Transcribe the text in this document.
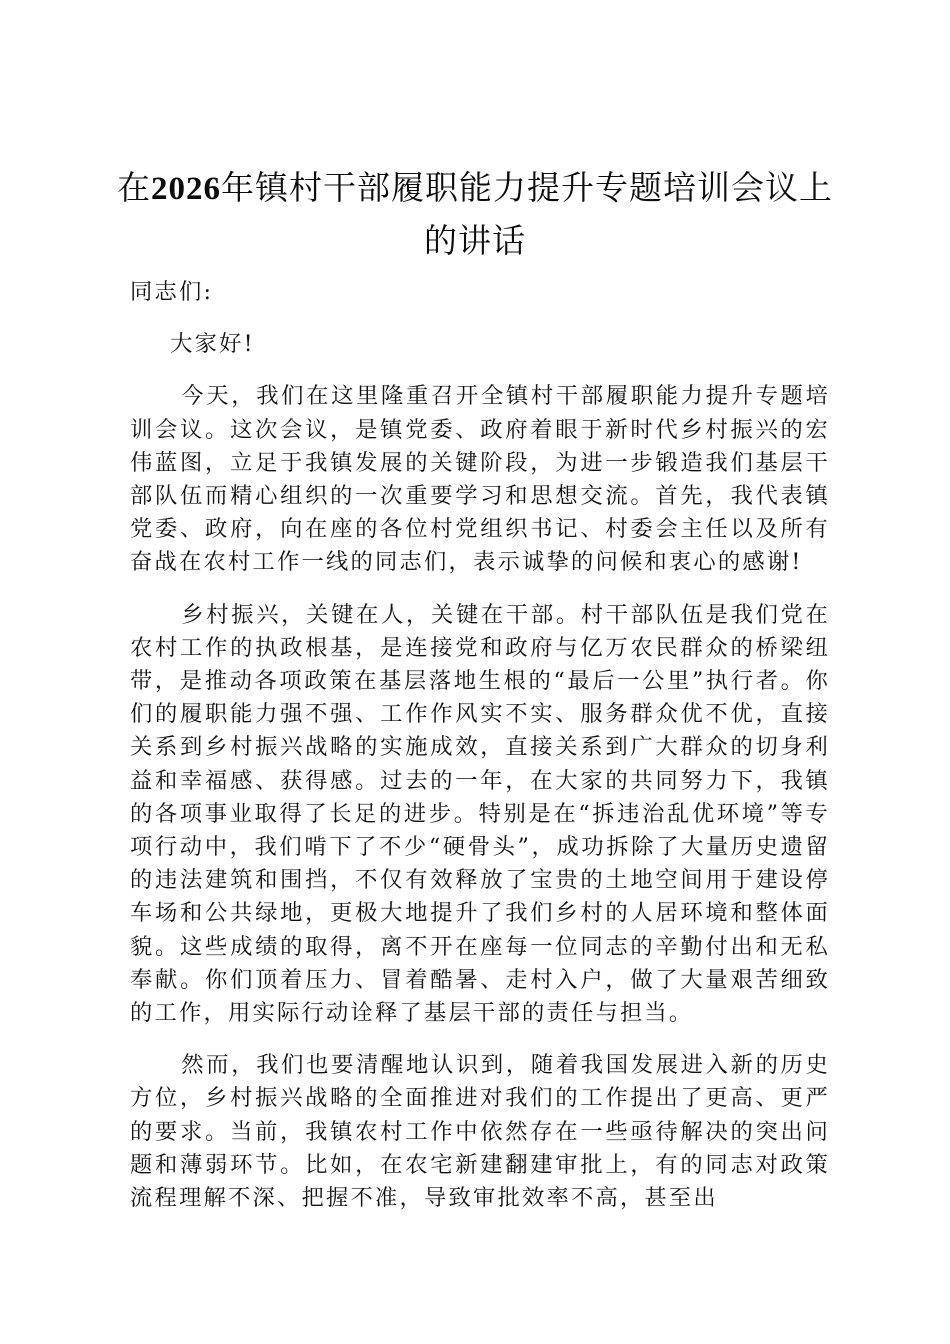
在2026年镇村干部履职能力提升专题培训会议上的讲话

同志们:

大家好!

今天，我们在这里隆重召开全镇村干部履职能力提升专题培训会议。这次会议，是镇党委、政府着眼于新时代乡村振兴的宏伟蓝图，立足于我镇发展的关键阶段，为进一步锻造我们基层干部队伍而精心组织的一次重要学习和思想交流。首先，我代表镇党委、政府，向在座的各位村党组织书记、村委会主任以及所有奋战在农村工作一线的同志们，表示诚挚的问候和衷心的感谢!

乡村振兴，关键在人，关键在干部。村干部队伍是我们党在农村工作的执政根基，是连接党和政府与亿万农民群众的桥梁纽带，是推动各项政策在基层落地生根的“最后一公里”执行者。你们的履职能力强不强、工作作风实不实、服务群众优不优，直接关系到乡村振兴战略的实施成效，直接关系到广大群众的切身利益和幸福感、获得感。过去的一年，在大家的共同努力下，我镇的各项事业取得了长足的进步。特别是在“拆违治乱优环境”等专项行动中，我们啃下了不少“硬骨头”，成功拆除了大量历史遗留的违法建筑和围挡，不仅有效释放了宝贵的土地空间用于建设停车场和公共绿地，更极大地提升了我们乡村的人居环境和整体面貌。这些成绩的取得，离不开在座每一位同志的辛勤付出和无私奉献。你们顶着压力、冒着酷暑、走村入户，做了大量艰苦细致的工作，用实际行动诠释了基层干部的责任与担当。

然而，我们也要清醒地认识到，随着我国发展进入新的历史方位，乡村振兴战略的全面推进对我们的工作提出了更高、更严的要求。当前，我镇农村工作中依然存在一些亟待解决的突出问题和薄弱环节。比如，在农宅新建翻建审批上，有的同志对政策流程理解不深、把握不准，导致审批效率不高，甚至出
